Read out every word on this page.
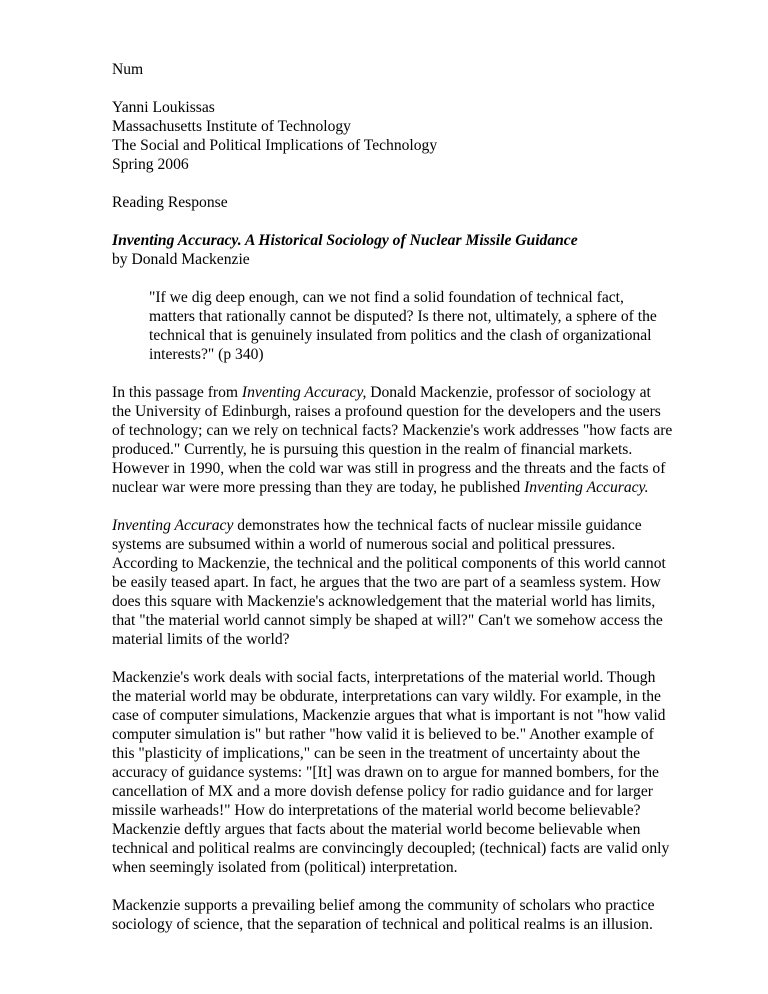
Num
Yanni Loukissas
Massachusetts Institute of Technology
The Social and Political Implications of Technology
Spring 2006
Reading Response
Inventing Accuracy. A Historical Sociology of Nuclear Missile Guidance
by Donald Mackenzie
"If we dig deep enough, can we not find a solid foundation of technical fact,
matters that rationally cannot be disputed? Is there not, ultimately, a sphere of the
technical that is genuinely insulated from politics and the clash of organizational
interests?" (p 340)
In this passage from Inventing Accuracy, Donald Mackenzie, professor of sociology at
the University of Edinburgh, raises a profound question for the developers and the users
of technology; can we rely on technical facts? Mackenzie's work addresses "how facts are
produced." Currently, he is pursuing this question in the realm of financial markets.
However in 1990, when the cold war was still in progress and the threats and the facts of
nuclear war were more pressing than they are today, he published Inventing Accuracy.
Inventing Accuracy demonstrates how the technical facts of nuclear missile guidance
systems are subsumed within a world of numerous social and political pressures.
According to Mackenzie, the technical and the political components of this world cannot
be easily teased apart. In fact, he argues that the two are part of a seamless system. How
does this square with Mackenzie's acknowledgement that the material world has limits,
that "the material world cannot simply be shaped at will?" Can't we somehow access the
material limits of the world?
Mackenzie's work deals with social facts, interpretations of the material world. Though
the material world may be obdurate, interpretations can vary wildly. For example, in the
case of computer simulations, Mackenzie argues that what is important is not "how valid
computer simulation is" but rather "how valid it is believed to be." Another example of
this "plasticity of implications," can be seen in the treatment of uncertainty about the
accuracy of guidance systems: "[It] was drawn on to argue for manned bombers, for the
cancellation of MX and a more dovish defense policy for radio guidance and for larger
missile warheads!" How do interpretations of the material world become believable?
Mackenzie deftly argues that facts about the material world become believable when
technical and political realms are convincingly decoupled; (technical) facts are valid only
when seemingly isolated from (political) interpretation.
Mackenzie supports a prevailing belief among the community of scholars who practice
sociology of science, that the separation of technical and political realms is an illusion.
